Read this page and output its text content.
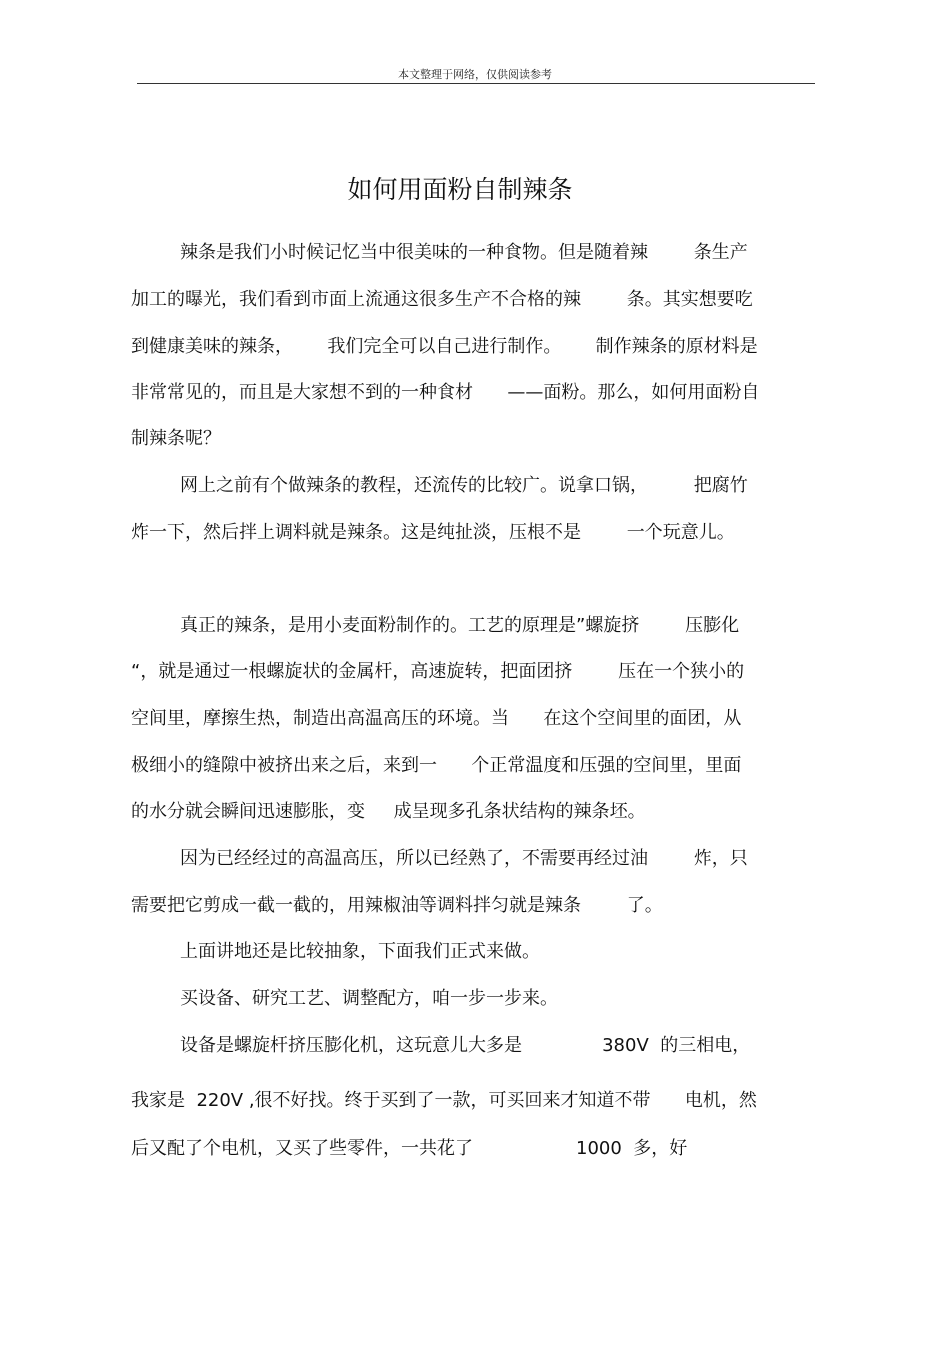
本文整理于网络，仅供阅读参考
如何用面粉自制辣条
辣条是我们小时候记忆当中很美味的一种食物。但是随着辣        条生产
加工的曝光，我们看到市面上流通这很多生产不合格的辣        条。其实想要吃
到健康美味的辣条，      我们完全可以自己进行制作。      制作辣条的原材料是
非常常见的，而且是大家想不到的一种食材      ——面粉。那么，如何用面粉自
制辣条呢？
网上之前有个做辣条的教程，还流传的比较广。说拿口锅，        把腐竹
炸一下，然后拌上调料就是辣条。这是纯扯淡，压根不是        一个玩意儿。
真正的辣条，是用小麦面粉制作的。工艺的原理是”螺旋挤        压膨化
“，就是通过一根螺旋状的金属杆，高速旋转，把面团挤        压在一个狭小的
空间里，摩擦生热，制造出高温高压的环境。当      在这个空间里的面团，从
极细小的缝隙中被挤出来之后，来到一      个正常温度和压强的空间里，里面
的水分就会瞬间迅速膨胀，变     成呈现多孔条状结构的辣条坯。
因为已经经过的高温高压，所以已经熟了，不需要再经过油        炸，只
需要把它剪成一截一截的，用辣椒油等调料拌匀就是辣条        了。
上面讲地还是比较抽象，下面我们正式来做。
买设备、研究工艺、调整配方，咱一步一步来。
设备是螺旋杆挤压膨化机，这玩意儿大多是              380V  的三相电，
我家是  220V ,很不好找。终于买到了一款，可买回来才知道不带      电机，然
后又配了个电机，又买了些零件，一共花了                  1000  多，好
